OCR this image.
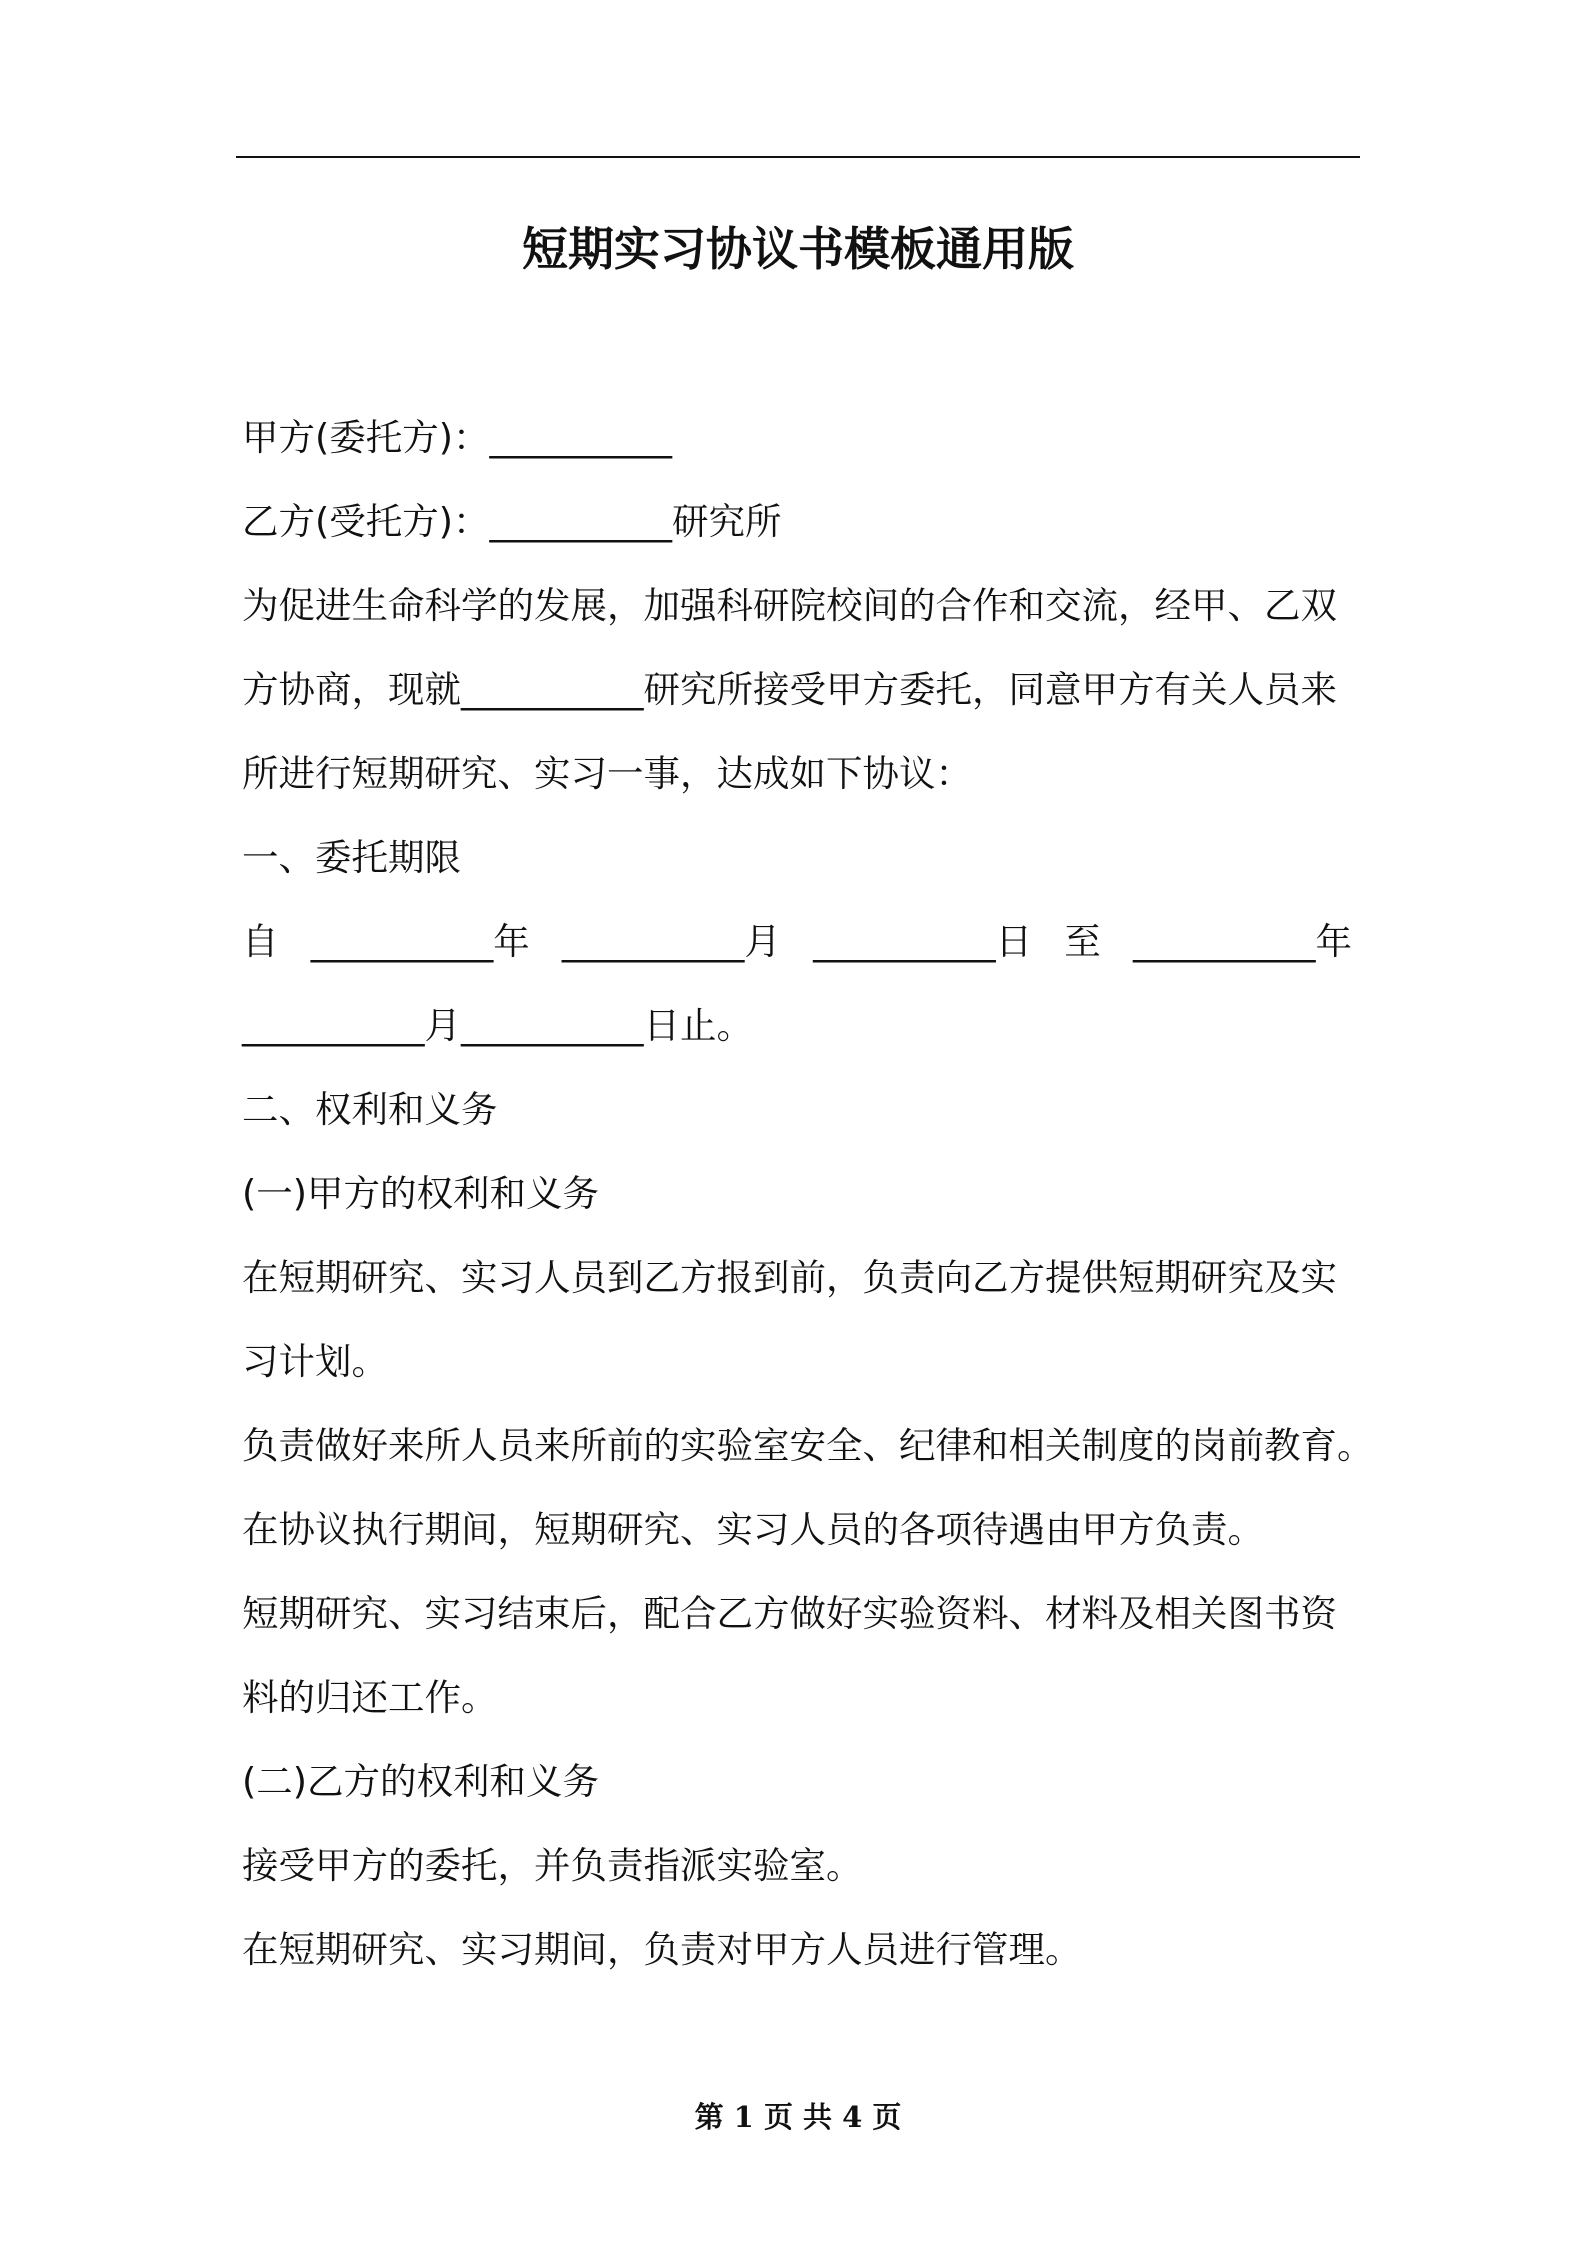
短期实习协议书模板通用版
甲方(委托方)：__________
乙方(受托方)：__________研究所
为促进生命科学的发展，加强科研院校间的合作和交流，经甲、乙双
方协商，现就__________研究所接受甲方委托，同意甲方有关人员来
所进行短期研究、实习一事，达成如下协议：
一、委托期限
自 __________年 __________月 __________日 至 __________年
__________月__________日止。
二、权利和义务
(一)甲方的权利和义务
在短期研究、实习人员到乙方报到前，负责向乙方提供短期研究及实
习计划。
负责做好来所人员来所前的实验室安全、纪律和相关制度的岗前教育。
在协议执行期间，短期研究、实习人员的各项待遇由甲方负责。
短期研究、实习结束后，配合乙方做好实验资料、材料及相关图书资
料的归还工作。
(二)乙方的权利和义务
接受甲方的委托，并负责指派实验室。
在短期研究、实习期间，负责对甲方人员进行管理。
第 1 页 共 4 页
